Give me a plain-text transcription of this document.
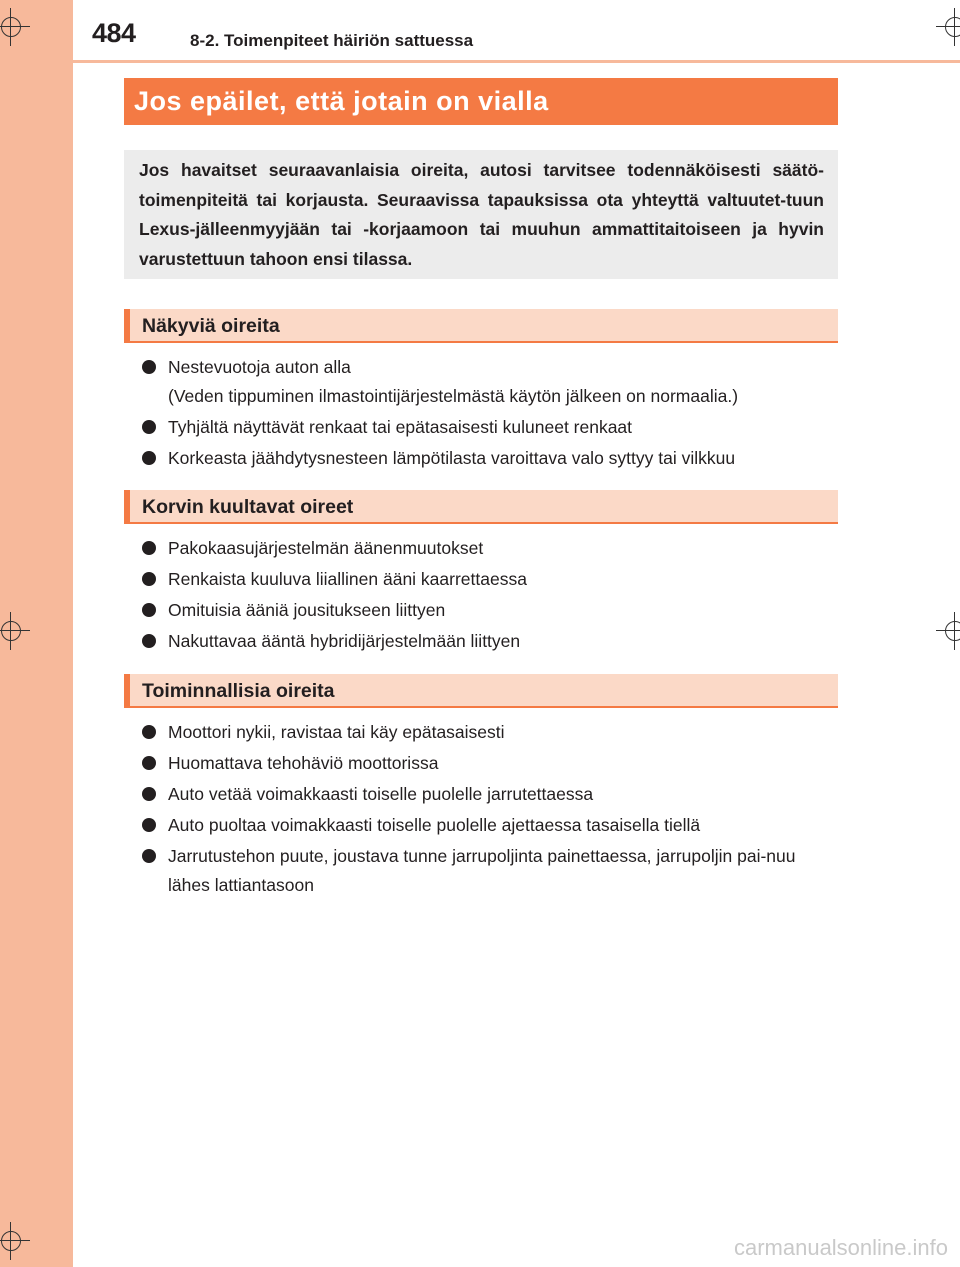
484	8-2. Toimenpiteet häiriön sattuessa
Jos epäilet, että jotain on vialla
Jos havaitset seuraavanlaisia oireita, autosi tarvitsee todennäköisesti säätö-toimenpiteitä tai korjausta. Seuraavissa tapauksissa ota yhteyttä valtuutet-tuun Lexus-jälleenmyyjään tai -korjaamoon tai muuhun ammattitaitoiseen ja hyvin varustettuun tahoon ensi tilassa.
Näkyviä oireita
Nestevuotoja auton alla
(Veden tippuminen ilmastointijärjestelmästä käytön jälkeen on normaalia.)
Tyhjältä näyttävät renkaat tai epätasaisesti kuluneet renkaat
Korkeasta jäähdytysnesteen lämpötilasta varoittava valo syttyy tai vilkkuu
Korvin kuultavat oireet
Pakokaasujärjestelmän äänenmuutokset
Renkaista kuuluva liiallinen ääni kaarrettaessa
Omituisia ääniä jousitukseen liittyen
Nakuttavaa ääntä hybridijärjestelmään liittyen
Toiminnallisia oireita
Moottori nykii, ravistaa tai käy epätasaisesti
Huomattava tehohäviö moottorissa
Auto vetää voimakkaasti toiselle puolelle jarrutettaessa
Auto puoltaa voimakkaasti toiselle puolelle ajettaessa tasaisella tiellä
Jarrutustehon puute, joustava tunne jarrupoljinta painettaessa, jarrupoljin pai-nuu lähes lattiantasoon
carmanualsonline.info
